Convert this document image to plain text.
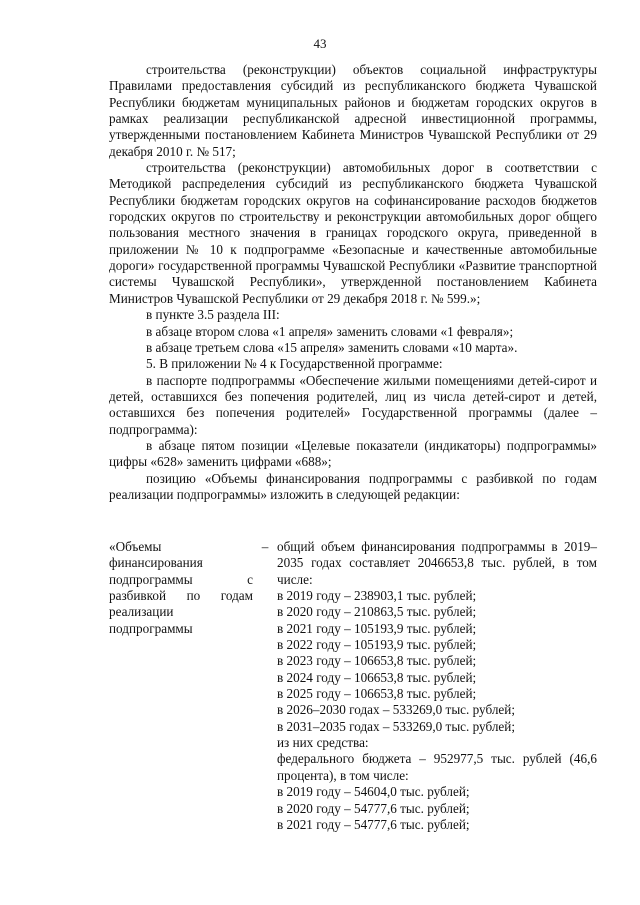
43

строительства (реконструкции) объектов социальной инфраструктуры Правилами предоставления субсидий из республиканского бюджета Чувашской Республики бюджетам муниципальных районов и бюджетам городских округов в рамках реализации республиканской адресной инвестиционной программы, утвержденными постановлением Кабинета Министров Чувашской Республики от 29 декабря 2010 г. № 517;

строительства (реконструкции) автомобильных дорог в соответствии с Методикой распределения субсидий из республиканского бюджета Чувашской Республики бюджетам городских округов на софинансирование расходов бюджетов городских округов по строительству и реконструкции автомобильных дорог общего пользования местного значения в границах городского округа, приведенной в приложении № 10 к подпрограмме «Безопасные и качественные автомобильные дороги» государственной программы Чувашской Республики «Развитие транспортной системы Чувашской Республики», утвержденной постановлением Кабинета Министров Чувашской Республики от 29 декабря 2018 г. № 599.»;

в пункте 3.5 раздела III:

в абзаце втором слова «1 апреля» заменить словами «1 февраля»;

в абзаце третьем слова «15 апреля» заменить словами «10 марта».

5. В приложении № 4 к Государственной программе:

в паспорте подпрограммы «Обеспечение жилыми помещениями детей-сирот и детей, оставшихся без попечения родителей, лиц из числа детей-сирот и детей, оставшихся без попечения родителей» Государственной программы (далее – подпрограмма):

в абзаце пятом позиции «Целевые показатели (индикаторы) подпрограммы» цифры «628» заменить цифрами «688»;

позицию «Объемы финансирования подпрограммы с разбивкой по годам реализации подпрограммы» изложить в следующей редакции:

«Объемы финансирования подпрограммы с разбивкой по годам реализации подпрограммы
– общий объем финансирования подпрограммы в 2019–2035 годах составляет 2046653,8 тыс. рублей, в том числе:
в 2019 году – 238903,1 тыс. рублей;
в 2020 году – 210863,5 тыс. рублей;
в 2021 году – 105193,9 тыс. рублей;
в 2022 году – 105193,9 тыс. рублей;
в 2023 году – 106653,8 тыс. рублей;
в 2024 году – 106653,8 тыс. рублей;
в 2025 году – 106653,8 тыс. рублей;
в 2026–2030 годах – 533269,0 тыс. рублей;
в 2031–2035 годах – 533269,0 тыс. рублей;
из них средства:
федерального бюджета – 952977,5 тыс. рублей (46,6 процента), в том числе:
в 2019 году – 54604,0 тыс. рублей;
в 2020 году – 54777,6 тыс. рублей;
в 2021 году – 54777,6 тыс. рублей;
